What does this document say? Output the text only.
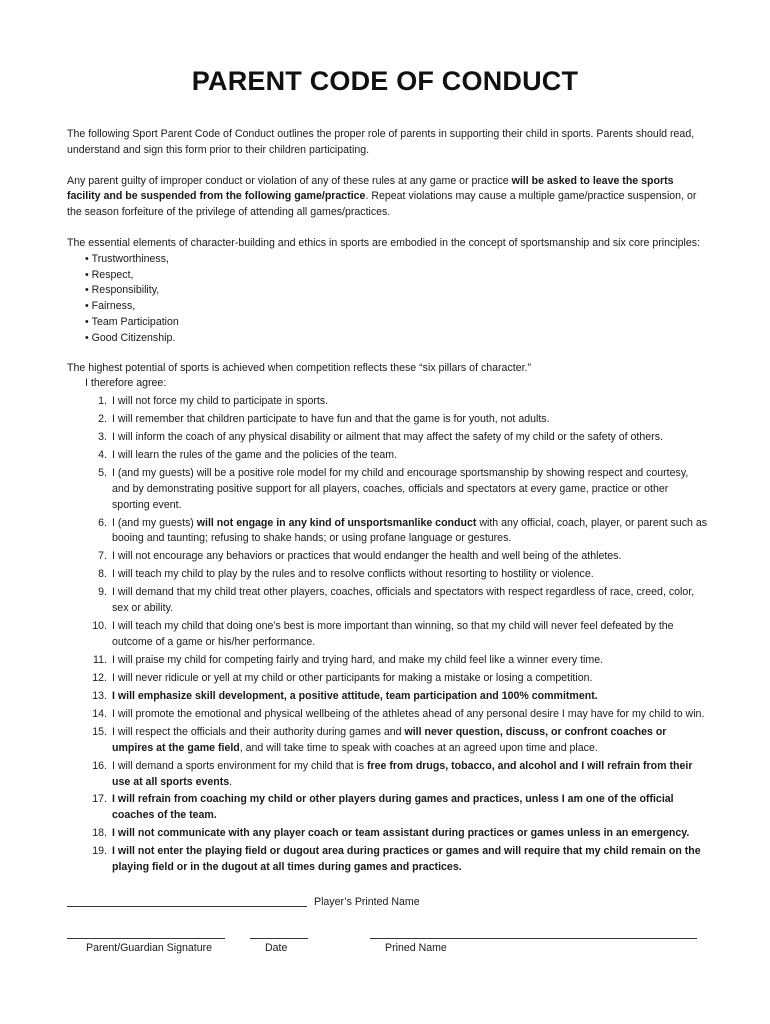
PARENT CODE OF CONDUCT

The following Sport Parent Code of Conduct outlines the proper role of parents in supporting their child in sports. Parents should read, understand and sign this form prior to their children participating.

Any parent guilty of improper conduct or violation of any of these rules at any game or practice will be asked to leave the sports facility and be suspended from the following game/practice. Repeat violations may cause a multiple game/practice suspension, or the season forfeiture of the privilege of attending all games/practices.

The essential elements of character-building and ethics in sports are embodied in the concept of sportsmanship and six core principles:

• Trustworthiness,
• Respect,
• Responsibility,
• Fairness,
• Team Participation
• Good Citizenship.
The highest potential of sports is achieved when competition reflects these “six pillars of character.”
I therefore agree:
1. I will not force my child to participate in sports.
2. I will remember that children participate to have fun and that the game is for youth, not adults.
3. I will inform the coach of any physical disability or ailment that may affect the safety of my child or the safety of others.
4. I will learn the rules of the game and the policies of the team.
5. I (and my guests) will be a positive role model for my child and encourage sportsmanship by showing respect and courtesy, and by demonstrating positive support for all players, coaches, officials and spectators at every game, practice or other sporting event.
6. I (and my guests) will not engage in any kind of unsportsmanlike conduct with any official, coach, player, or parent such as booing and taunting; refusing to shake hands; or using profane language or gestures.
7. I will not encourage any behaviors or practices that would endanger the health and well being of the athletes.
8. I will teach my child to play by the rules and to resolve conflicts without resorting to hostility or violence.
9. I will demand that my child treat other players, coaches, officials and spectators with respect regardless of race, creed, color, sex or ability.
10. I will teach my child that doing one’s best is more important than winning, so that my child will never feel defeated by the outcome of a game or his/her performance.
11. I will praise my child for competing fairly and trying hard, and make my child feel like a winner every time.
12. I will never ridicule or yell at my child or other participants for making a mistake or losing a competition.
13. I will emphasize skill development, a positive attitude, team participation and 100% commitment.
14. I will promote the emotional and physical wellbeing of the athletes ahead of any personal desire I may have for my child to win.
15. I will respect the officials and their authority during games and will never question, discuss, or confront coaches or umpires at the game field, and will take time to speak with coaches at an agreed upon time and place.
16. I will demand a sports environment for my child that is free from drugs, tobacco, and alcohol and I will refrain from their use at all sports events.
17. I will refrain from coaching my child or other players during games and practices, unless I am one of the official coaches of the team.
18. I will not communicate with any player coach or team assistant during practices or games unless in an emergency.
19. I will not enter the playing field or dugout area during practices or games and will require that my child remain on the playing field or in the dugout at all times during games and practices.
Player’s Printed Name
Parent/Guardian Signature	Date	Prined Name
